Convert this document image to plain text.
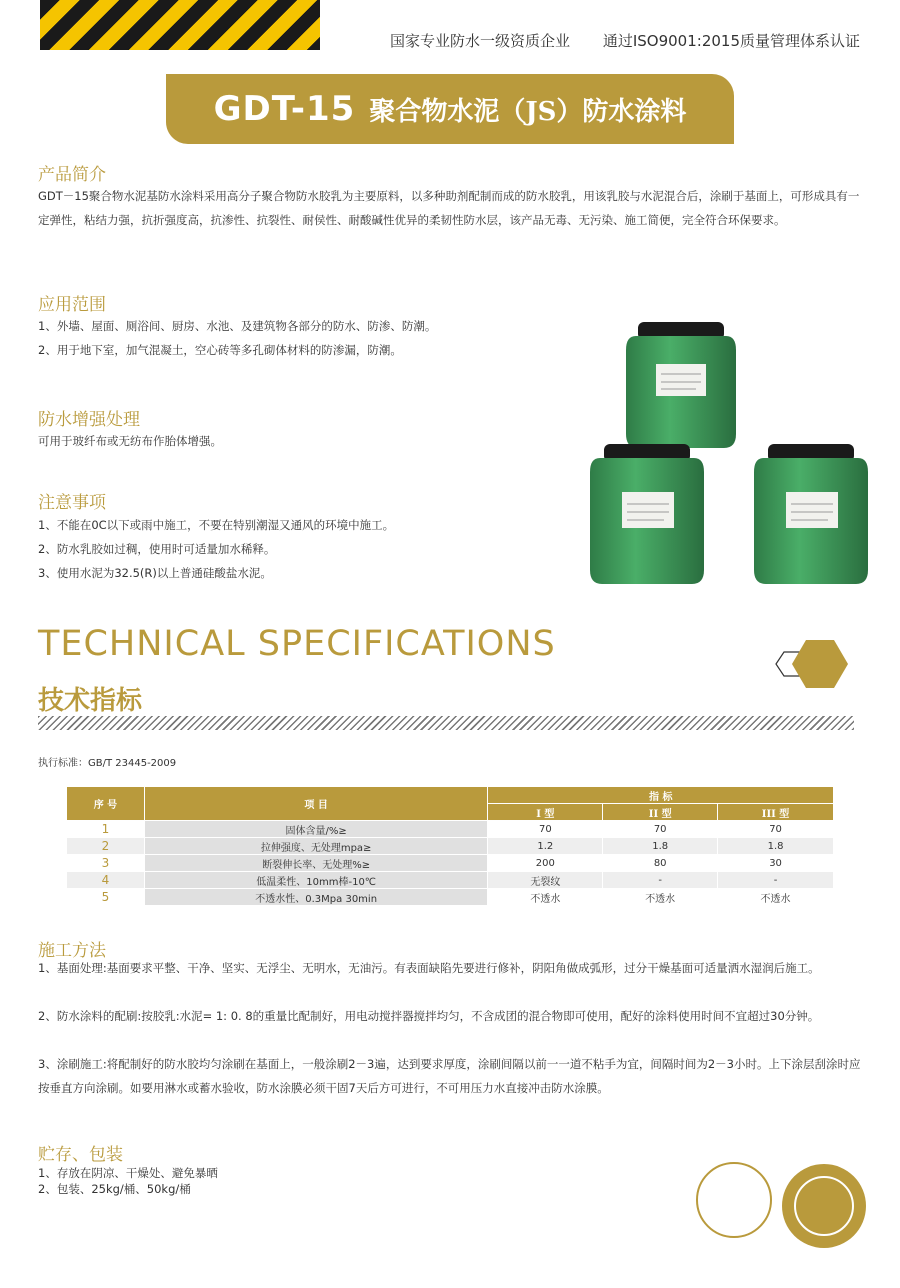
国家专业防水一级资质企业 通过ISO9001:2015质量管理体系认证
GDT-15 聚合物水泥（JS）防水涂料
产品简介
GDT－15聚合物水泥基防水涂料采用高分子聚合物防水胶乳为主要原料，以多种助剂配制而成的防水胶乳，用该乳胶与水泥混合后，涂刷于基面上，可形成具有一定弹性，粘结力强，抗折强度高，抗渗性、抗裂性、耐侯性、耐酸碱性优异的柔韧性防水层，该产品无毒、无污染、施工简便，完全符合环保要求。
应用范围
1、外墙、屋面、厕浴间、厨房、水池、及建筑物各部分的防水、防渗、防潮。
2、用于地下室，加气混凝土，空心砖等多孔砌体材料的防渗漏，防潮。
防水增强处理
可用于玻纤布或无纺布作胎体增强。
注意事项
1、不能在0C以下或雨中施工，不要在特别潮湿又通风的环境中施工。
2、防水乳胶如过稠，使用时可适量加水稀释。
3、使用水泥为32.5(R)以上普通硅酸盐水泥。
TECHNICAL SPECIFICATIONS
技术指标
执行标准：GB/T 23445-2009
序 号	项 目	指 标		
		I 型	II 型	III 型
1	固体含量/%≥	70	70	70
2	拉伸强度、无处理mpa≥	1.2	1.8	1.8
3	断裂伸长率、无处理%≥	200	80	30
4	低温柔性、10mm棒-10℃	无裂纹	-	-
5	不透水性、0.3Mpa 30min	不透水	不透水	不透水
施工方法
1、基面处理:基面要求平整、干净、坚实、无浮尘、无明水，无油污。有表面缺陷先要进行修补，阴阳角做成弧形，过分干燥基面可适量洒水湿润后施工。
2、防水涂料的配刷:按胶乳:水泥= 1: 0. 8的重量比配制好，用电动搅拌器搅拌均匀，不含成团的混合物即可使用，配好的涂料使用时间不宜超过30分钟。
3、涂刷施工:将配制好的防水胶均匀涂刷在基面上，一般涂刷2－3遍，达到要求厚度，涂刷间隔以前一一道不粘手为宜，间隔时间为2－3小时。上下涂层刮涂时应按垂直方向涂刷。如要用淋水或蓄水验收，防水涂膜必须干固7天后方可进行，不可用压力水直接冲击防水涂膜。
贮存、包装
1、存放在阴凉、干燥处、避免暴晒
2、包装、25kg/桶、50kg/桶
